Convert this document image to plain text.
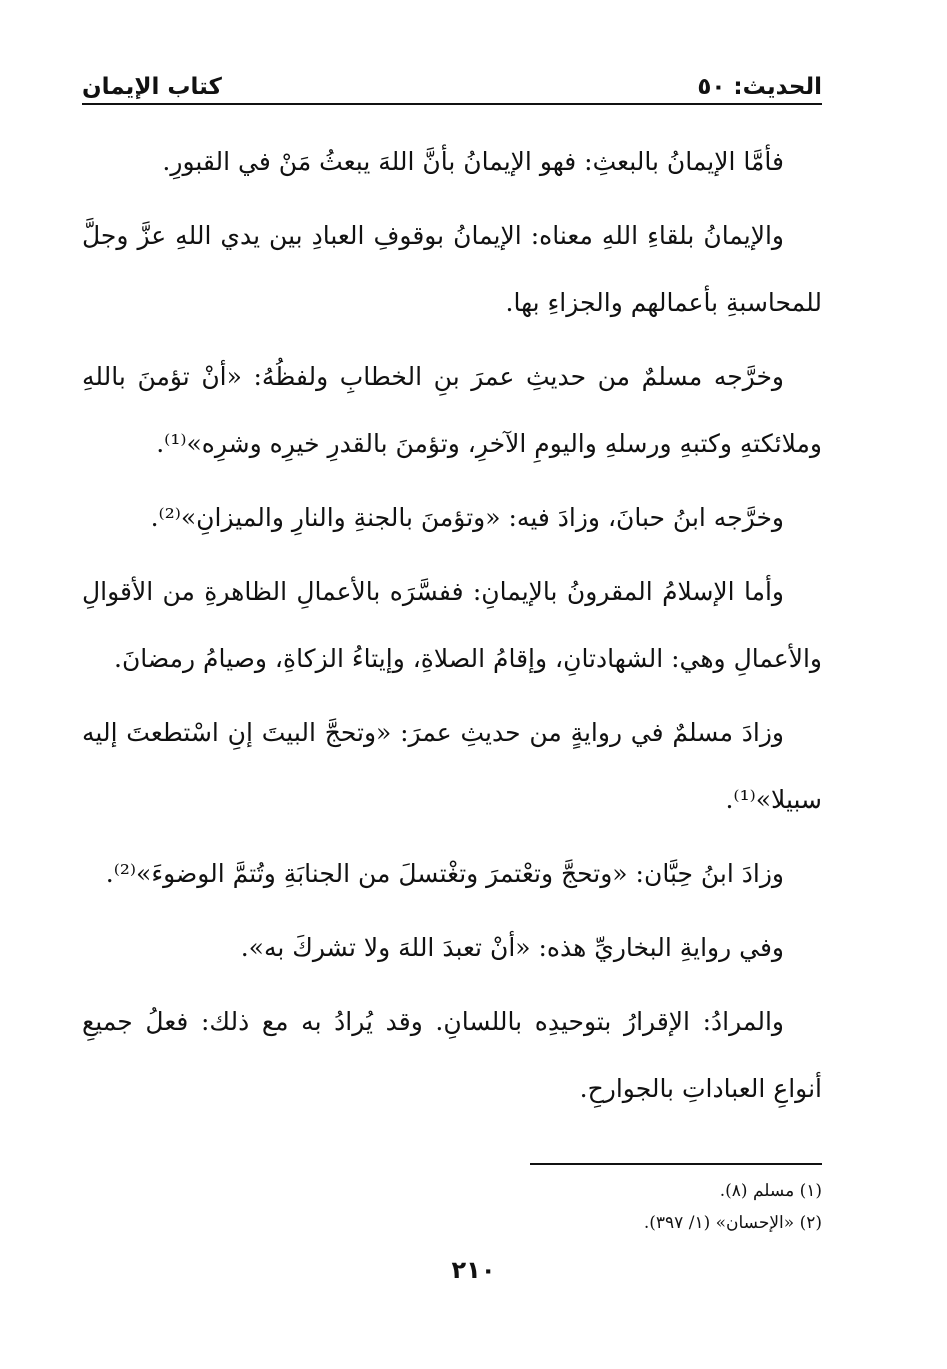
الحديث: ٥٠
كتاب الإيمان

فأمَّا الإيمانُ بالبعثِ: فهو الإيمانُ بأنَّ اللهَ يبعثُ مَنْ في القبورِ.

والإيمانُ بلقاءِ اللهِ معناه: الإيمانُ بوقوفِ العبادِ بين يدي اللهِ عزَّ وجلَّ للمحاسبةِ بأعمالهم والجزاءِ بها.

وخرَّجه مسلمٌ من حديثِ عمرَ بنِ الخطابِ ولفظُهُ: «أنْ تؤمنَ باللهِ وملائكتهِ وكتبهِ ورسلهِ واليومِ الآخرِ، وتؤمنَ بالقدرِ خيرِه وشرِه»⁽¹⁾.

وخرَّجه ابنُ حبانَ، وزادَ فيه: «وتؤمنَ بالجنةِ والنارِ والميزانِ»⁽²⁾.

وأما الإسلامُ المقرونُ بالإيمانِ: ففسَّرَه بالأعمالِ الظاهرةِ من الأقوالِ والأعمالِ وهي: الشهادتانِ، وإقامُ الصلاةِ، وإيتاءُ الزكاةِ، وصيامُ رمضانَ.

وزادَ مسلمٌ في روايةٍ من حديثِ عمرَ: «وتحجَّ البيتَ إنِ اسْتطعتَ إليه سبيلا»⁽¹⁾.

وزادَ ابنُ حِبَّان: «وتحجَّ وتعْتمرَ وتغْتسلَ من الجنابَةِ وتُتمَّ الوضوءَ»⁽²⁾.

وفي روايةِ البخاريِّ هذه: «أنْ تعبدَ اللهَ ولا تشركَ به».

والمرادُ: الإقرارُ بتوحيدِه باللسانِ. وقد يُرادُ به مع ذلك: فعلُ جميعِ أنواعِ العباداتِ بالجوارحِ.

(١) مسلم (٨).
(٢) «الإحسان» (١/ ٣٩٧).
٢١٠
